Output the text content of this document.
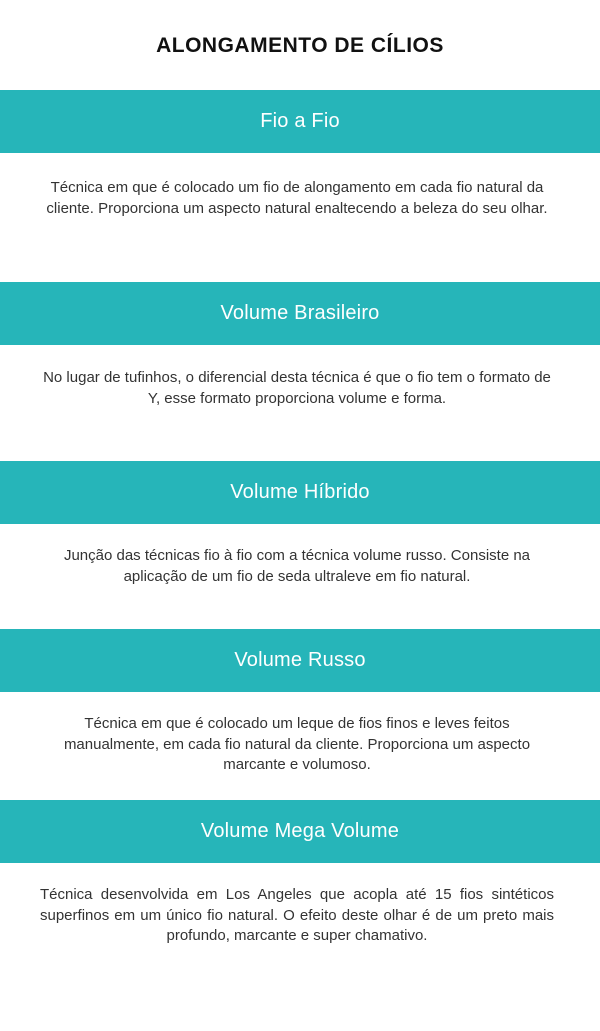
ALONGAMENTO DE CÍLIOS
Fio a Fio
Técnica em que é colocado um fio de alongamento em cada fio natural da cliente. Proporciona um aspecto natural enaltecendo a beleza do seu olhar.
Volume Brasileiro
No lugar de tufinhos, o diferencial desta técnica é que o fio tem o formato de Y, esse formato proporciona volume e forma.
Volume Híbrido
Junção das técnicas fio à fio com a técnica volume russo. Consiste na aplicação de um fio de seda ultraleve em fio natural.
Volume Russo
Técnica em que é colocado um leque de fios finos e leves feitos manualmente, em cada fio natural da cliente. Proporciona um aspecto marcante e volumoso.
Volume Mega Volume
Técnica desenvolvida em Los Angeles que acopla até 15 fios sintéticos superfinos em um único fio natural. O efeito deste olhar é de um preto mais profundo, marcante e super chamativo.
